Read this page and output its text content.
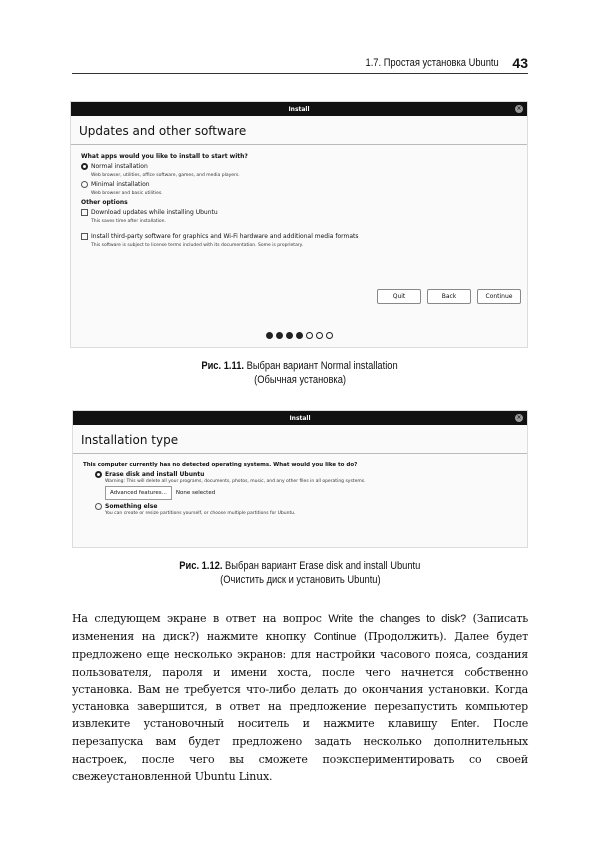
1.7. Простая установка Ubuntu 43
Install	×
Updates and other software
What apps would you like to install to start with?
Normal installation
Web browser, utilities, office software, games, and media players.
Minimal installation
Web browser and basic utilities.
Other options
Download updates while installing Ubuntu
This saves time after installation.
Install third-party software for graphics and Wi-Fi hardware and additional media formats
This software is subject to license terms included with its documentation. Some is proprietary.
Quit	Back	Continue
Рис. 1.11. Выбран вариант Normal installation
(Обычная установка)
Install	×
Installation type
This computer currently has no detected operating systems. What would you like to do?
Erase disk and install Ubuntu
Warning: This will delete all your programs, documents, photos, music, and any other files in all operating systems.
Advanced features...	None selected
Something else
You can create or resize partitions yourself, or choose multiple partitions for Ubuntu.
Рис. 1.12. Выбран вариант Erase disk and install Ubuntu
(Очистить диск и установить Ubuntu)
На следующем экране в ответ на вопрос Write the changes to disk? (Записать изменения на диск?) нажмите кнопку Continue (Продолжить). Далее будет предложено еще несколько экранов: для настройки часового пояса, создания пользователя, пароля и имени хоста, после чего начнется собственно установка. Вам не требуется что-либо делать до окончания установки. Когда установка завершится, в ответ на предложение перезапустить компьютер извлеките установочный носитель и нажмите клавишу Enter. После перезапуска вам будет предложено задать несколько дополнительных настроек, после чего вы сможете поэкспериментировать со своей свежеустановленной Ubuntu Linux.
